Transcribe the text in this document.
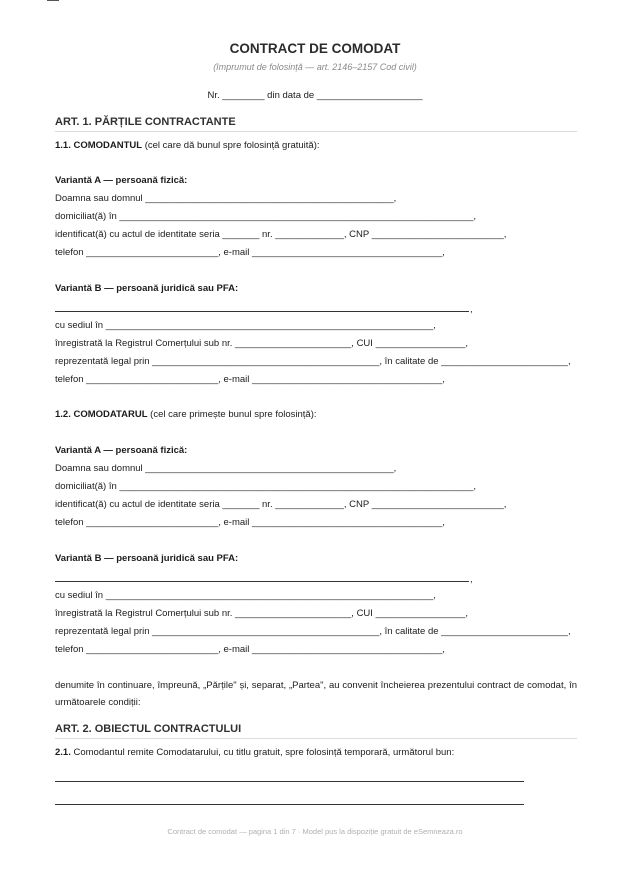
CONTRACT DE COMODAT
(împrumut de folosință — art. 2146–2157 Cod civil)
Nr. ________ din data de ____________________
ART. 1. PĂRȚILE CONTRACTANTE
1.1. COMODANTUL (cel care dă bunul spre folosință gratuită):
Variantă A — persoană fizică:
Doamna sau domnul _______________________________________________,
domiciliat(ă) în ___________________________________________________________________,
identificat(ă) cu actul de identitate seria _______ nr. _____________, CNP _________________________,
telefon _________________________, e-mail ____________________________________,
Variantă B — persoană juridică sau PFA:
,
cu sediul în ______________________________________________________________,
înregistrată la Registrul Comerțului sub nr. ______________________, CUI _________________,
reprezentată legal prin ___________________________________________, în calitate de ________________________,
telefon _________________________, e-mail ____________________________________,
1.2. COMODATARUL (cel care primește bunul spre folosință):
Variantă A — persoană fizică:
Doamna sau domnul _______________________________________________,
domiciliat(ă) în ___________________________________________________________________,
identificat(ă) cu actul de identitate seria _______ nr. _____________, CNP _________________________,
telefon _________________________, e-mail ____________________________________,
Variantă B — persoană juridică sau PFA:
,
cu sediul în ______________________________________________________________,
înregistrată la Registrul Comerțului sub nr. ______________________, CUI _________________,
reprezentată legal prin ___________________________________________, în calitate de ________________________,
telefon _________________________, e-mail ____________________________________,
denumite în continuare, împreună, „Părțile" și, separat, „Partea", au convenit încheierea prezentului contract de comodat, în următoarele condiții:
ART. 2. OBIECTUL CONTRACTULUI
2.1. Comodantul remite Comodatarului, cu titlu gratuit, spre folosință temporară, următorul bun:
Contract de comodat — pagina 1 din 7 · Model pus la dispoziție gratuit de eSemneaza.ro
